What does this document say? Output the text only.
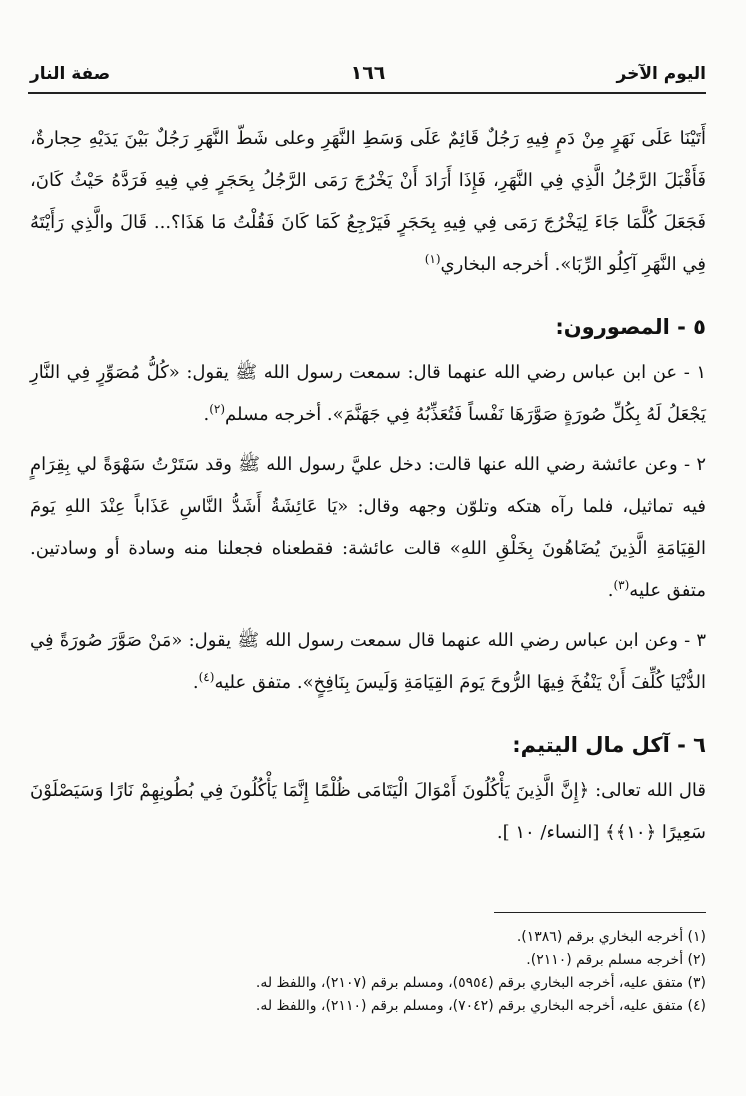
اليوم الآخر
١٦٦
صفة النار

أَتَيْنَا عَلَى نَهَرٍ مِنْ دَمٍ فِيهِ رَجُلٌ قَائِمٌ عَلَى وَسَطِ النَّهَرِ وعلى شَطّ النَّهَرِ رَجُلٌ بَيْنَ يَدَيْهِ حِجارةٌ، فَأَقْبَلَ الرَّجُلُ الَّذِي فِي النَّهَرِ، فَإِذَا أَرَادَ أَنْ يَخْرُجَ رَمَى الرَّجُلُ بِحَجَرٍ فِي فِيهِ فَرَدَّهُ حَيْثُ كَانَ، فَجَعَلَ كُلَّمَا جَاءَ لِيَخْرُجَ رَمَى فِي فِيهِ بِحَجَرٍ فَيَرْجِعُ كَمَا كَانَ فَقُلْتُ مَا هَذَا؟... قَالَ والَّذِي رَأَيْتَهُ فِي النَّهَرِ آكِلُو الرِّبَا». أخرجه البخاري$^{(١)}$

٥ - المصورون:

١ - عن ابن عباس رضي الله عنهما قال: سمعت رسول الله ﷺ يقول: «كُلُّ مُصَوِّرٍ فِي النَّارِ يَجْعَلُ لَهُ بِكُلِّ صُورَةٍ صَوَّرَهَا نَفْساً فَتُعَذِّبُهُ فِي جَهَنَّمَ». أخرجه مسلم$^{(٢)}$.

٢ - وعن عائشة رضي الله عنها قالت: دخل عليَّ رسول الله ﷺ وقد سَتَرْتُ سَهْوَةً لي بِقِرَامٍ فيه تماثيل، فلما رآه هتكه وتلوّن وجهه وقال: «يَا عَائِشَةُ أَشَدُّ النَّاسِ عَذَاباً عِنْدَ اللهِ يَومَ القِيَامَةِ الَّذِينَ يُضَاهُونَ بِخَلْقِ اللهِ» قالت عائشة: فقطعناه فجعلنا منه وسادة أو وسادتين. متفق عليه$^{(٣)}$.

٣ - وعن ابن عباس رضي الله عنهما قال سمعت رسول الله ﷺ يقول: «مَنْ صَوَّرَ صُورَةً فِي الدُّنْيَا كُلِّفَ أَنْ يَنْفُخَ فِيهَا الرُّوحَ يَومَ القِيَامَةِ وَلَيسَ بِنَافِخٍ». متفق عليه$^{(٤)}$.

٦ - آكل مال اليتيم:

قال الله تعالى: ﴿إِنَّ الَّذِينَ يَأْكُلُونَ أَمْوَالَ الْيَتَامَى ظُلْمًا إِنَّمَا يَأْكُلُونَ فِي بُطُونِهِمْ نَارًا وَسَيَصْلَوْنَ سَعِيرًا ﴿١٠﴾﴾ [النساء/ ١٠ ].

(١) أخرجه البخاري برقم (١٣٨٦).
(٢) أخرجه مسلم برقم (٢١١٠).
(٣) متفق عليه، أخرجه البخاري برقم (٥٩٥٤)، ومسلم برقم (٢١٠٧)، واللفظ له.
(٤) متفق عليه، أخرجه البخاري برقم (٧٠٤٢)، ومسلم برقم (٢١١٠)، واللفظ له.
